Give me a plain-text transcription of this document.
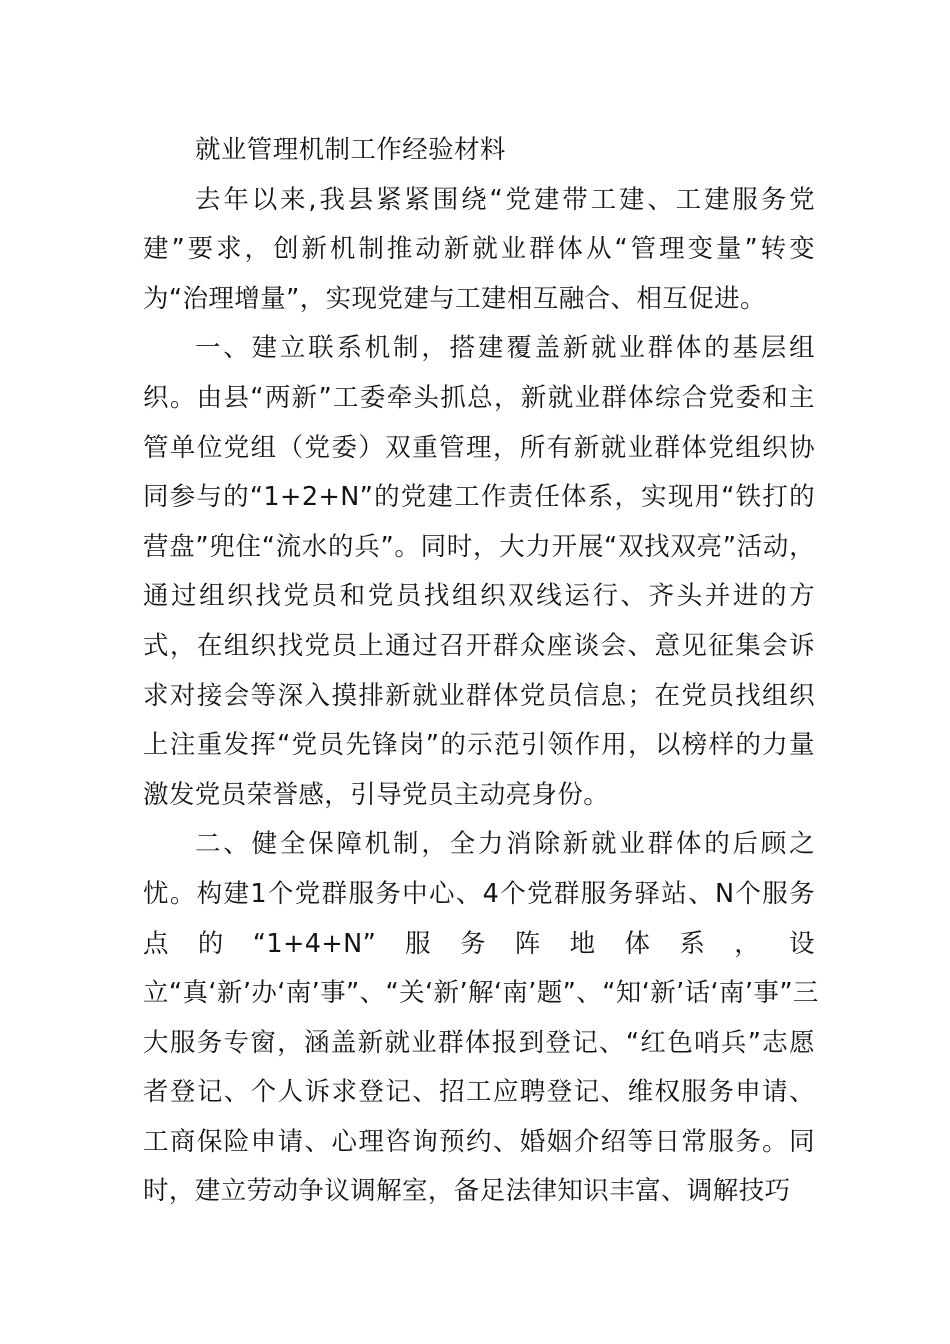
就业管理机制工作经验材料

去年以来,我县紧紧围绕“党建带工建、工建服务党建”要求，创新机制推动新就业群体从“管理变量”转变为“治理增量”，实现党建与工建相互融合、相互促进。

一、建立联系机制，搭建覆盖新就业群体的基层组织。由县“两新”工委牵头抓总，新就业群体综合党委和主管单位党组（党委）双重管理，所有新就业群体党组织协同参与的“1+2+N”的党建工作责任体系，实现用“铁打的营盘”兜住“流水的兵”。同时，大力开展“双找双亮”活动，通过组织找党员和党员找组织双线运行、齐头并进的方式，在组织找党员上通过召开群众座谈会、意见征集会诉求对接会等深入摸排新就业群体党员信息；在党员找组织上注重发挥“党员先锋岗”的示范引领作用，以榜样的力量激发党员荣誉感，引导党员主动亮身份。

二、健全保障机制，全力消除新就业群体的后顾之忧。构建1个党群服务中心、4个党群服务驿站、N个服务点的“1+4+N”服务阵地体系，设立“真‘新’办‘南’事”、“关‘新’解‘南’题”、“知‘新’话‘南’事”三大服务专窗，涵盖新就业群体报到登记、“红色哨兵”志愿者登记、个人诉求登记、招工应聘登记、维权服务申请、工商保险申请、心理咨询预约、婚姻介绍等日常服务。同时，建立劳动争议调解室，备足法律知识丰富、调解技巧
